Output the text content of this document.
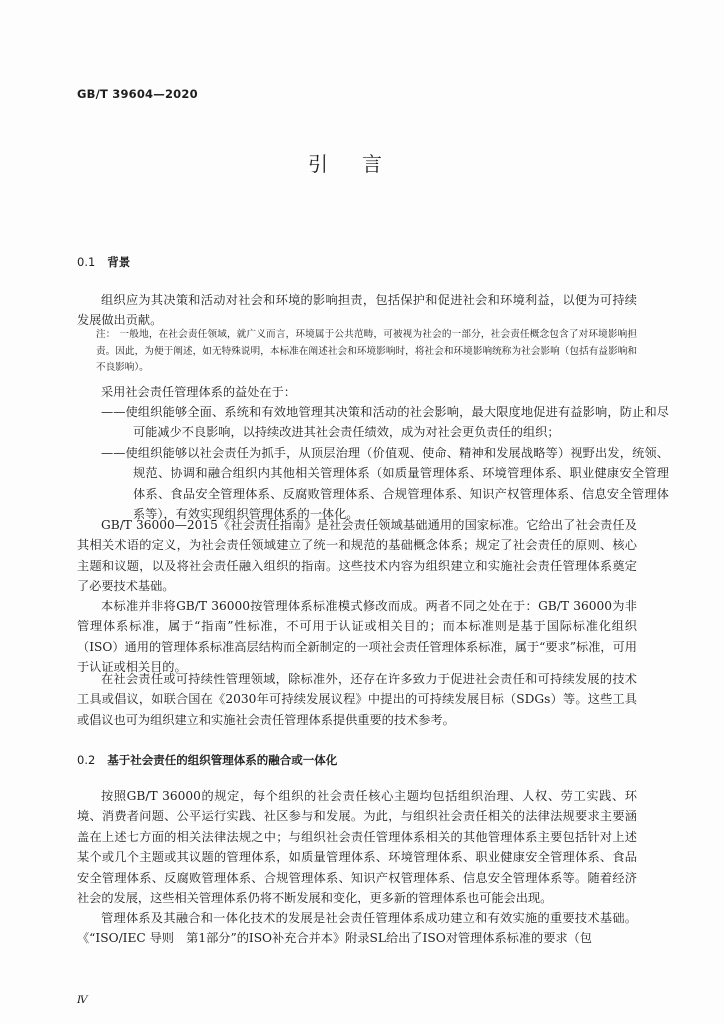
GB/T 39604—2020
引言
0.1 背景

组织应为其决策和活动对社会和环境的影响担责，包括保护和促进社会和环境利益，以便为可持续发展做出贡献。

注： 一般地，在社会责任领域，就广义而言，环境属于公共范畴，可被视为社会的一部分，社会责任概念包含了对环境影响担责。因此，为便于阐述，如无特殊说明，本标准在阐述社会和环境影响时，将社会和环境影响统称为社会影响（包括有益影响和不良影响）。

采用社会责任管理体系的益处在于：

——使组织能够全面、系统和有效地管理其决策和活动的社会影响，最大限度地促进有益影响，防止和尽可能减少不良影响，以持续改进其社会责任绩效，成为对社会更负责任的组织；

——使组织能够以社会责任为抓手，从顶层治理（价值观、使命、精神和发展战略等）视野出发，统领、规范、协调和融合组织内其他相关管理体系（如质量管理体系、环境管理体系、职业健康安全管理体系、食品安全管理体系、反腐败管理体系、合规管理体系、知识产权管理体系、信息安全管理体系等），有效实现组织管理体系的一体化。

GB/T 36000—2015《社会责任指南》是社会责任领域基础通用的国家标准。它给出了社会责任及其相关术语的定义，为社会责任领域建立了统一和规范的基础概念体系；规定了社会责任的原则、核心主题和议题，以及将社会责任融入组织的指南。这些技术内容为组织建立和实施社会责任管理体系奠定了必要技术基础。

本标准并非将GB/T 36000按管理体系标准模式修改而成。两者不同之处在于：GB/T 36000为非管理体系标准，属于“指南”性标准，不可用于认证或相关目的；而本标准则是基于国际标准化组织（ISO）通用的管理体系标准高层结构而全新制定的一项社会责任管理体系标准，属于“要求”标准，可用于认证或相关目的。

在社会责任或可持续性管理领域，除标准外，还存在许多致力于促进社会责任和可持续发展的技术工具或倡议，如联合国在《2030年可持续发展议程》中提出的可持续发展目标（SDGs）等。这些工具或倡议也可为组织建立和实施社会责任管理体系提供重要的技术参考。

0.2 基于社会责任的组织管理体系的融合或一体化

按照GB/T 36000的规定，每个组织的社会责任核心主题均包括组织治理、人权、劳工实践、环境、消费者问题、公平运行实践、社区参与和发展。为此，与组织社会责任相关的法律法规要求主要涵盖在上述七方面的相关法律法规之中；与组织社会责任管理体系相关的其他管理体系主要包括针对上述某个或几个主题或其议题的管理体系，如质量管理体系、环境管理体系、职业健康安全管理体系、食品安全管理体系、反腐败管理体系、合规管理体系、知识产权管理体系、信息安全管理体系等。随着经济社会的发展，这些相关管理体系仍将不断发展和变化，更多新的管理体系也可能会出现。

管理体系及其融合和一体化技术的发展是社会责任管理体系成功建立和有效实施的重要技术基础。《“ISO/IEC 导则　第1部分”的ISO补充合并本》附录SL给出了ISO对管理体系标准的要求（包

Ⅳ
